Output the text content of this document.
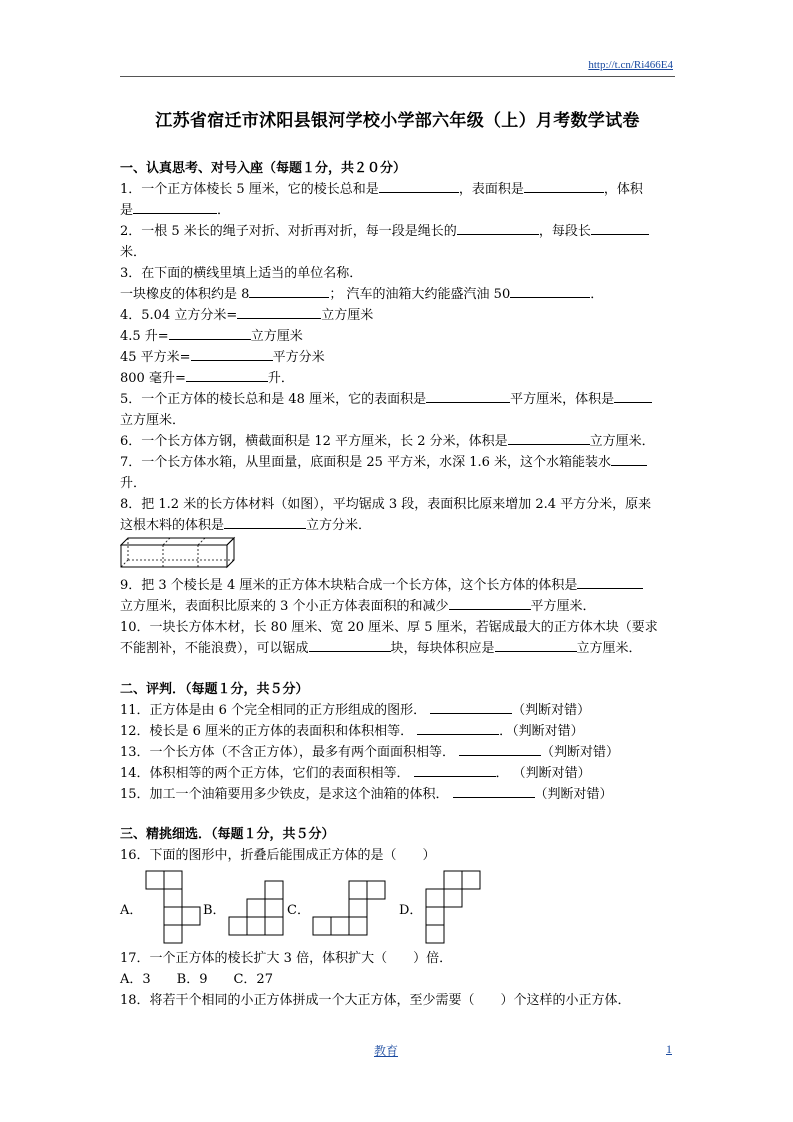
http://t.cn/Ri466E4
江苏省宿迁市沭阳县银河学校小学部六年级（上）月考数学试卷
一、认真思考、对号入座（每题１分，共２０分）
1．一个正方体棱长 5 厘米，它的棱长总和是	，表面积是	，体积
是	．
2．一根 5 米长的绳子对折、对折再对折，每一段是绳长的	，每段长
米．
3．在下面的横线里填上适当的单位名称．
一块橡皮的体积约是 8	； 汽车的油箱大约能盛汽油 50	．
4．5.04 立方分米=	立方厘米
4.5 升=	立方厘米
45 平方米=	平方分米
800 毫升=	升．
5．一个正方体的棱长总和是 48 厘米，它的表面积是	平方厘米，体积是
立方厘米．
6．一个长方体方钢，横截面积是 12 平方厘米，长 2 分米，体积是	立方厘米．
7．一个长方体水箱，从里面量，底面积是 25 平方米，水深 1.6 米，这个水箱能装水
升．
8．把 1.2 米的长方体材料（如图），平均锯成 3 段，表面积比原来增加 2.4 平方分米，原来
这根木料的体积是	立方分米．
9．把 3 个棱长是 4 厘米的正方体木块粘合成一个长方体，这个长方体的体积是
立方厘米，表面积比原来的 3 个小正方体表面积的和减少	平方厘米．
10．一块长方体木材，长 80 厘米、宽 20 厘米、厚 5 厘米，若锯成最大的正方体木块（要求
不能割补，不能浪费），可以锯成	块，每块体积应是	立方厘米．
二、评判．（每题１分，共５分）
11．正方体是由 6 个完全相同的正方形组成的图形．	（判断对错）
12．棱长是 6 厘米的正方体的表面积和体积相等．	．（判断对错）
13．一个长方体（不含正方体），最多有两个面面积相等．	（判断对错）
14．体积相等的两个正方体，它们的表面积相等．	． （判断对错）
15．加工一个油箱要用多少铁皮，是求这个油箱的体积．	（判断对错）
三、精挑细选．（每题１分，共５分）
16．下面的图形中，折叠后能围成正方体的是（　　）
A．	B．	C．	D．
17．一个正方体的棱长扩大 3 倍，体积扩大（　　）倍．
A．3　　B．9　　C．27
18．将若干个相同的小正方体拼成一个大正方体，至少需要（　　）个这样的小正方体．
教育	1
